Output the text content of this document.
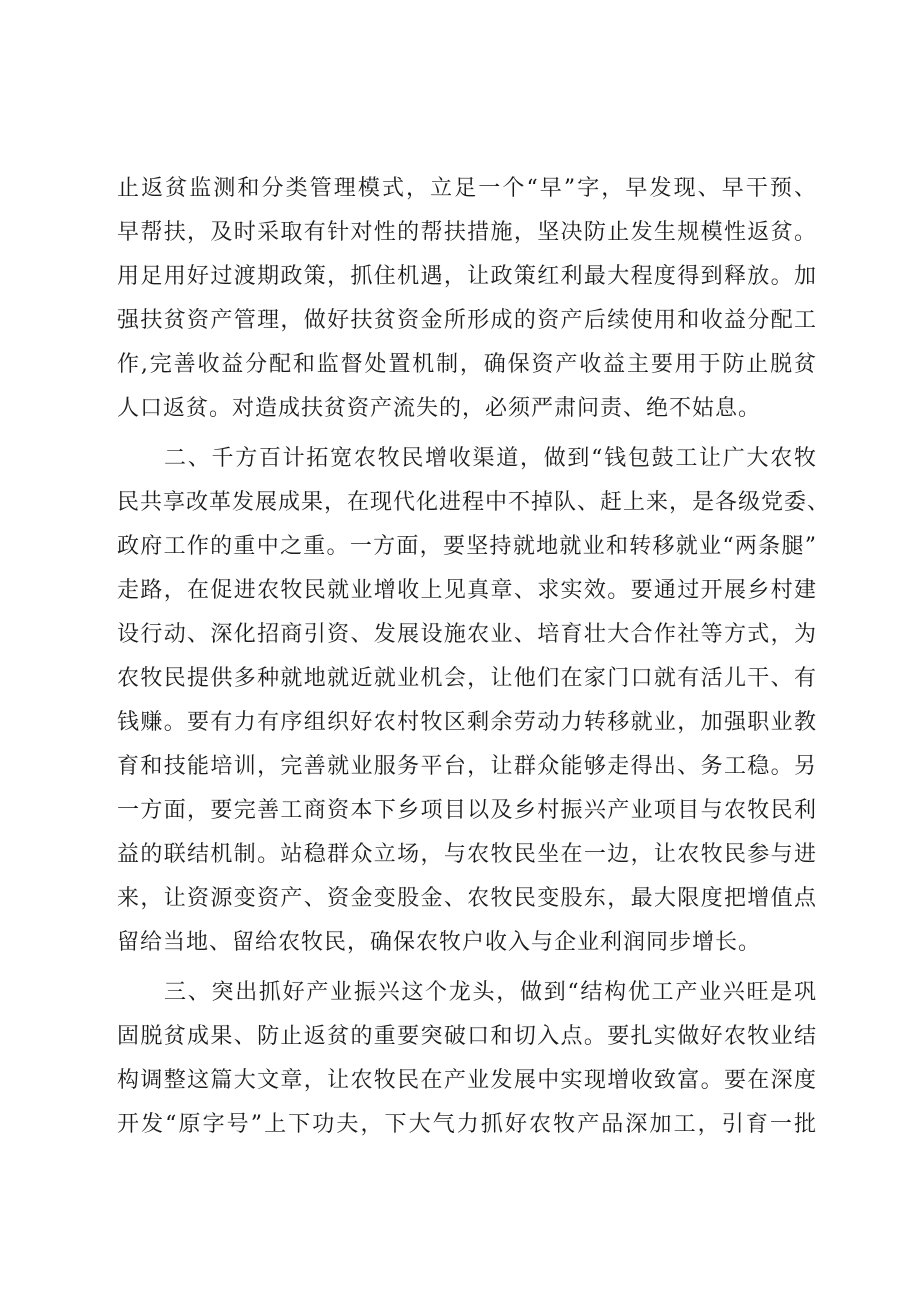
止返贫监测和分类管理模式，立足一个“早”字，早发现、早干预、
早帮扶，及时采取有针对性的帮扶措施，坚决防止发生规模性返贫。
用足用好过渡期政策，抓住机遇，让政策红利最大程度得到释放。加
强扶贫资产管理，做好扶贫资金所形成的资产后续使用和收益分配工
作,完善收益分配和监督处置机制，确保资产收益主要用于防止脱贫
人口返贫。对造成扶贫资产流失的，必须严肃问责、绝不姑息。
二、千方百计拓宽农牧民增收渠道，做到“钱包鼓工让广大农牧
民共享改革发展成果，在现代化进程中不掉队、赶上来，是各级党委、
政府工作的重中之重。一方面，要坚持就地就业和转移就业“两条腿”
走路，在促进农牧民就业增收上见真章、求实效。要通过开展乡村建
设行动、深化招商引资、发展设施农业、培育壮大合作社等方式，为
农牧民提供多种就地就近就业机会，让他们在家门口就有活儿干、有
钱赚。要有力有序组织好农村牧区剩余劳动力转移就业，加强职业教
育和技能培训，完善就业服务平台，让群众能够走得出、务工稳。另
一方面，要完善工商资本下乡项目以及乡村振兴产业项目与农牧民利
益的联结机制。站稳群众立场，与农牧民坐在一边，让农牧民参与进
来，让资源变资产、资金变股金、农牧民变股东，最大限度把增值点
留给当地、留给农牧民，确保农牧户收入与企业利润同步增长。
三、突出抓好产业振兴这个龙头，做到“结构优工产业兴旺是巩
固脱贫成果、防止返贫的重要突破口和切入点。要扎实做好农牧业结
构调整这篇大文章，让农牧民在产业发展中实现增收致富。要在深度
开发“原字号”上下功夫，下大气力抓好农牧产品深加工，引育一批
